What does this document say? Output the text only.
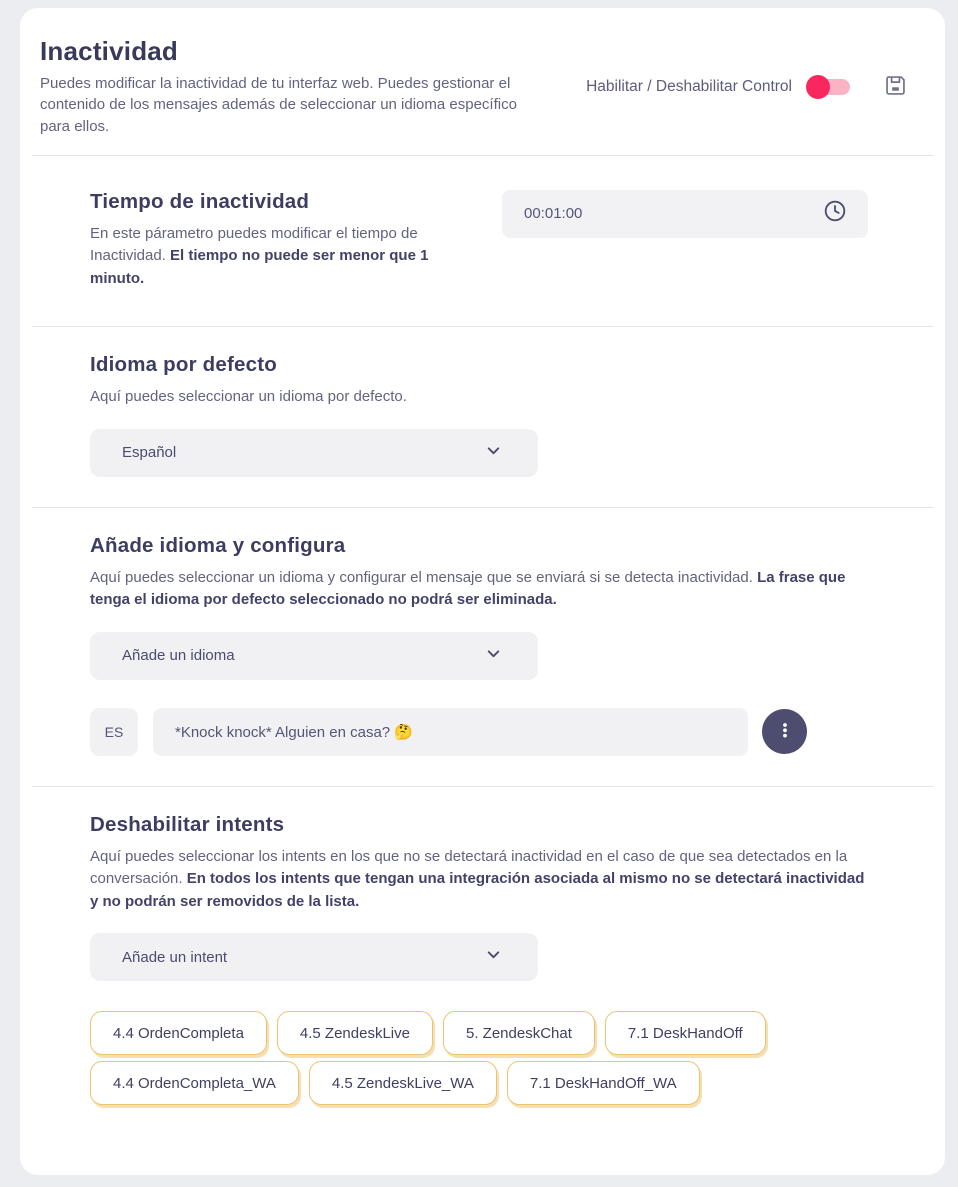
Inactividad
Puedes modificar la inactividad de tu interfaz web. Puedes gestionar el contenido de los mensajes además de seleccionar un idioma específico para ellos.
Habilitar / Deshabilitar Control
Tiempo de inactividad
En este párametro puedes modificar el tiempo de Inactividad. El tiempo no puede ser menor que 1 minuto.
00:01:00
Idioma por defecto
Aquí puedes seleccionar un idioma por defecto.
Español
Añade idioma y configura
Aquí puedes seleccionar un idioma y configurar el mensaje que se enviará si se detecta inactividad. La frase que tenga el idioma por defecto seleccionado no podrá ser eliminada.
Añade un idioma
ES
*Knock knock* Alguien en casa? 🤔
Deshabilitar intents
Aquí puedes seleccionar los intents en los que no se detectará inactividad en el caso de que sea detectados en la conversación. En todos los intents que tengan una integración asociada al mismo no se detectará inactividad y no podrán ser removidos de la lista.
Añade un intent
4.4 OrdenCompleta	4.5 ZendeskLive	5. ZendeskChat	7.1 DeskHandOff
4.4 OrdenCompleta_WA	4.5 ZendeskLive_WA	7.1 DeskHandOff_WA
